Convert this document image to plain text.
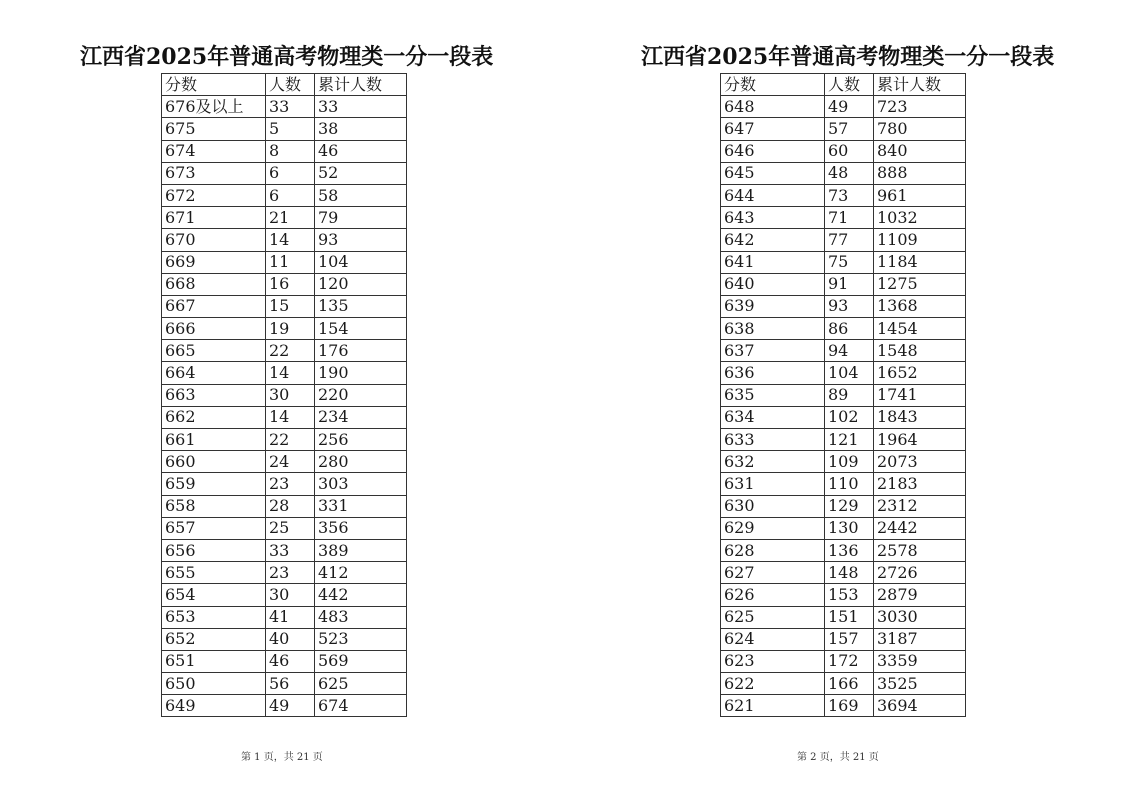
江西省2025年普通高考物理类一分一段表
分数	人数	累计人数
676及以上	33	33
675	5	38
674	8	46
673	6	52
672	6	58
671	21	79
670	14	93
669	11	104
668	16	120
667	15	135
666	19	154
665	22	176
664	14	190
663	30	220
662	14	234
661	22	256
660	24	280
659	23	303
658	28	331
657	25	356
656	33	389
655	23	412
654	30	442
653	41	483
652	40	523
651	46	569
650	56	625
649	49	674
第 1 页，共 21 页
江西省2025年普通高考物理类一分一段表
分数	人数	累计人数
648	49	723
647	57	780
646	60	840
645	48	888
644	73	961
643	71	1032
642	77	1109
641	75	1184
640	91	1275
639	93	1368
638	86	1454
637	94	1548
636	104	1652
635	89	1741
634	102	1843
633	121	1964
632	109	2073
631	110	2183
630	129	2312
629	130	2442
628	136	2578
627	148	2726
626	153	2879
625	151	3030
624	157	3187
623	172	3359
622	166	3525
621	169	3694
第 2 页，共 21 页
